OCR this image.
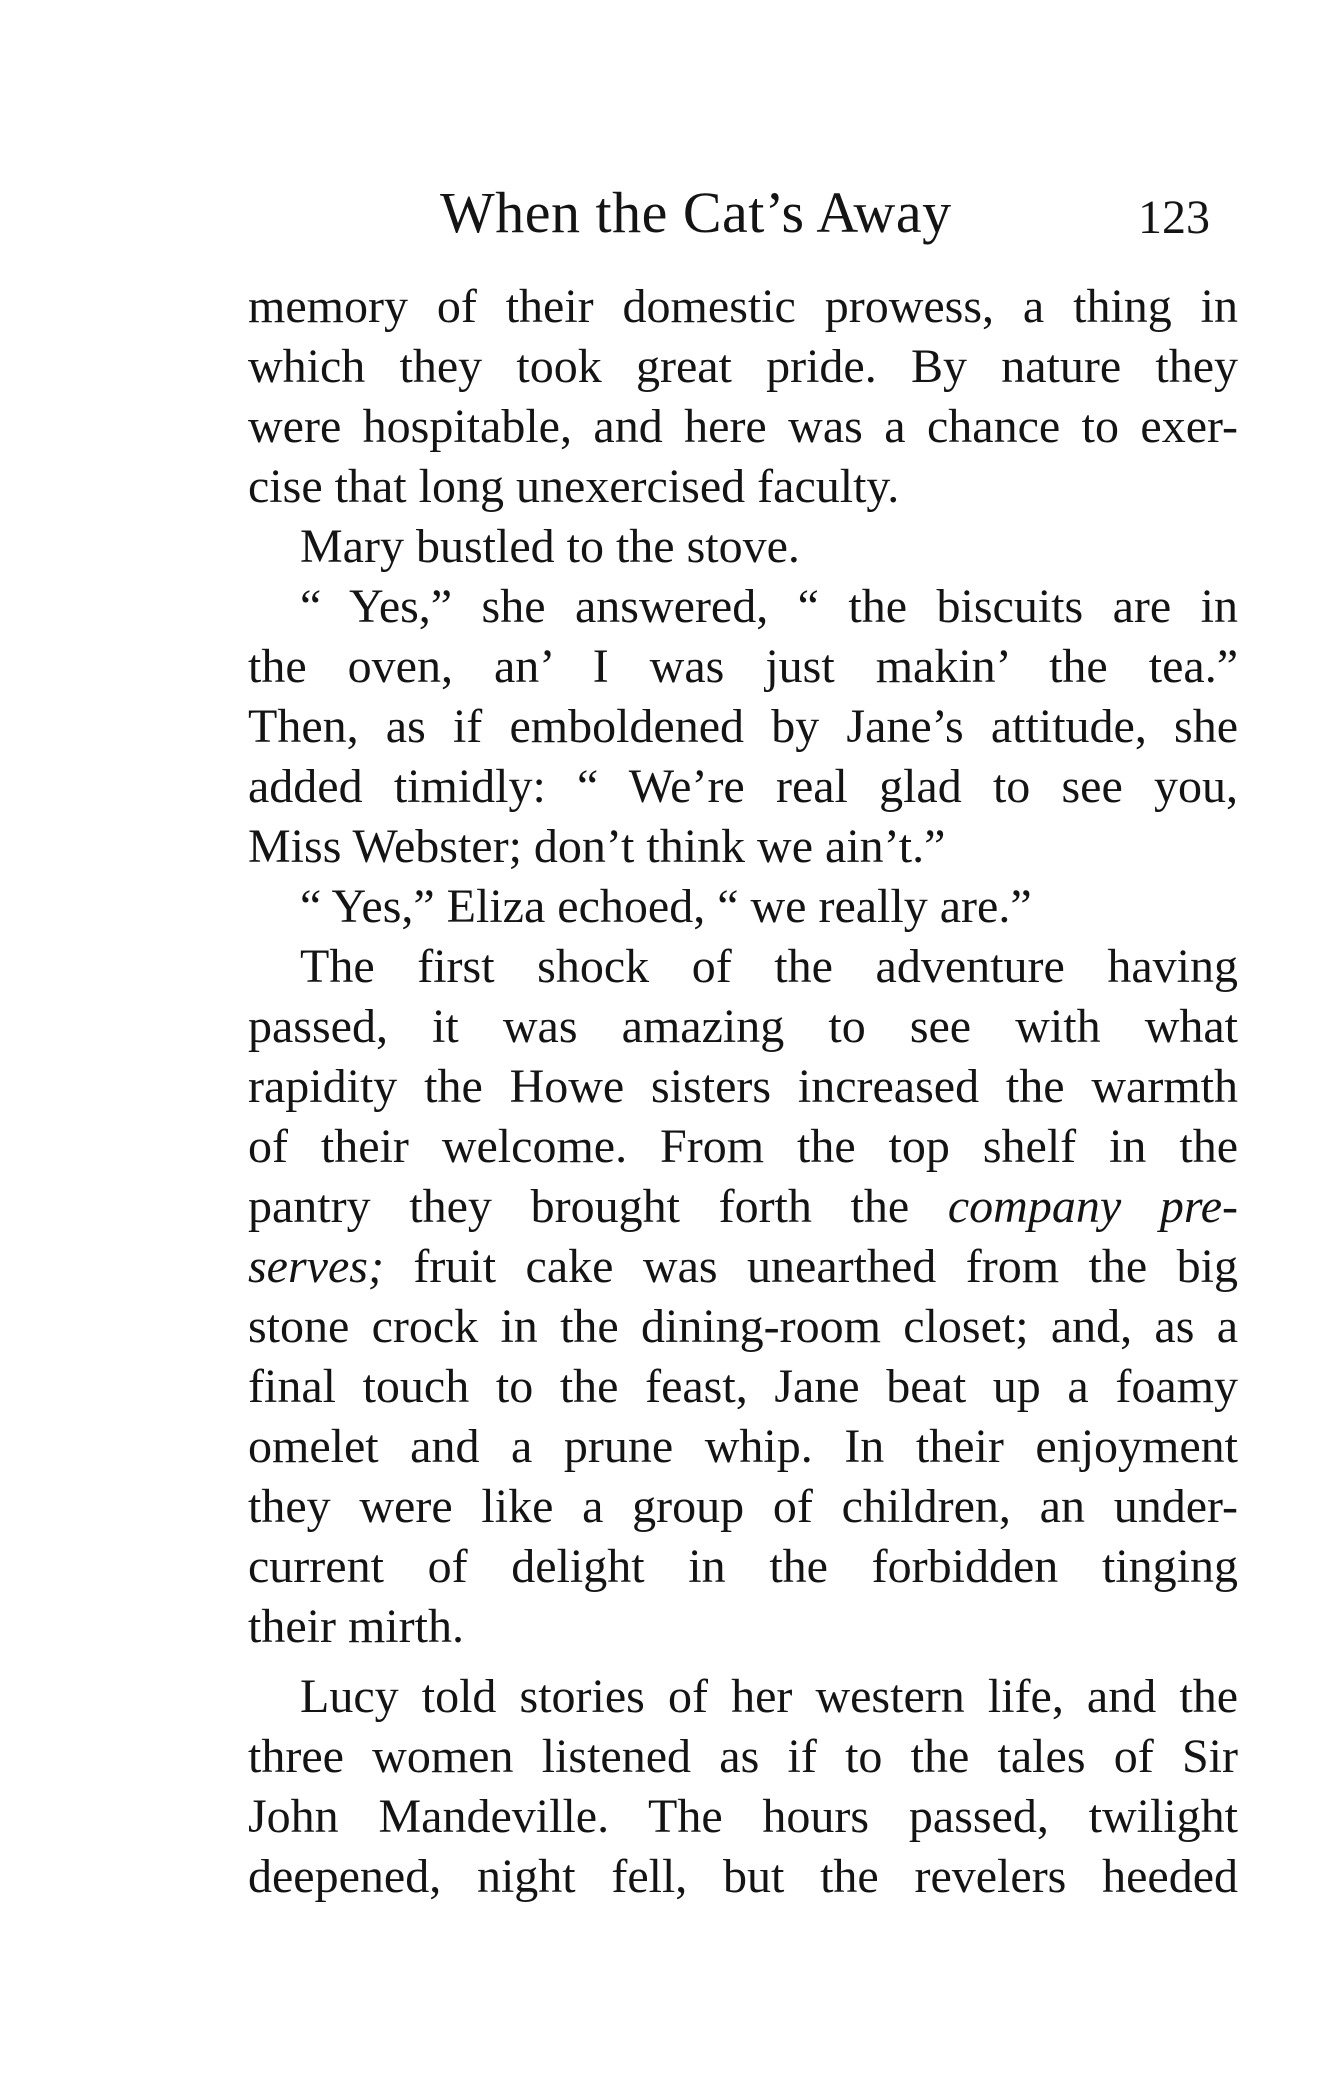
When the Cat’s Away	123
memory of their domestic prowess, a thing in
which they took great pride. By nature they
were hospitable, and here was a chance to exer-
cise that long unexercised faculty.
Mary bustled to the stove.
“ Yes,” she answered, “ the biscuits are in
the oven, an’ I was just makin’ the tea.”
Then, as if emboldened by Jane’s attitude, she
added timidly: “ We’re real glad to see you,
Miss Webster; don’t think we ain’t.”
“ Yes,” Eliza echoed, “ we really are.”
The first shock of the adventure having
passed, it was amazing to see with what
rapidity the Howe sisters increased the warmth
of their welcome. From the top shelf in the
pantry they brought forth the company pre-
serves; fruit cake was unearthed from the big
stone crock in the dining-room closet; and, as a
final touch to the feast, Jane beat up a foamy
omelet and a prune whip. In their enjoyment
they were like a group of children, an under-
current of delight in the forbidden tinging
their mirth.
Lucy told stories of her western life, and the
three women listened as if to the tales of Sir
John Mandeville. The hours passed, twilight
deepened, night fell, but the revelers heeded
